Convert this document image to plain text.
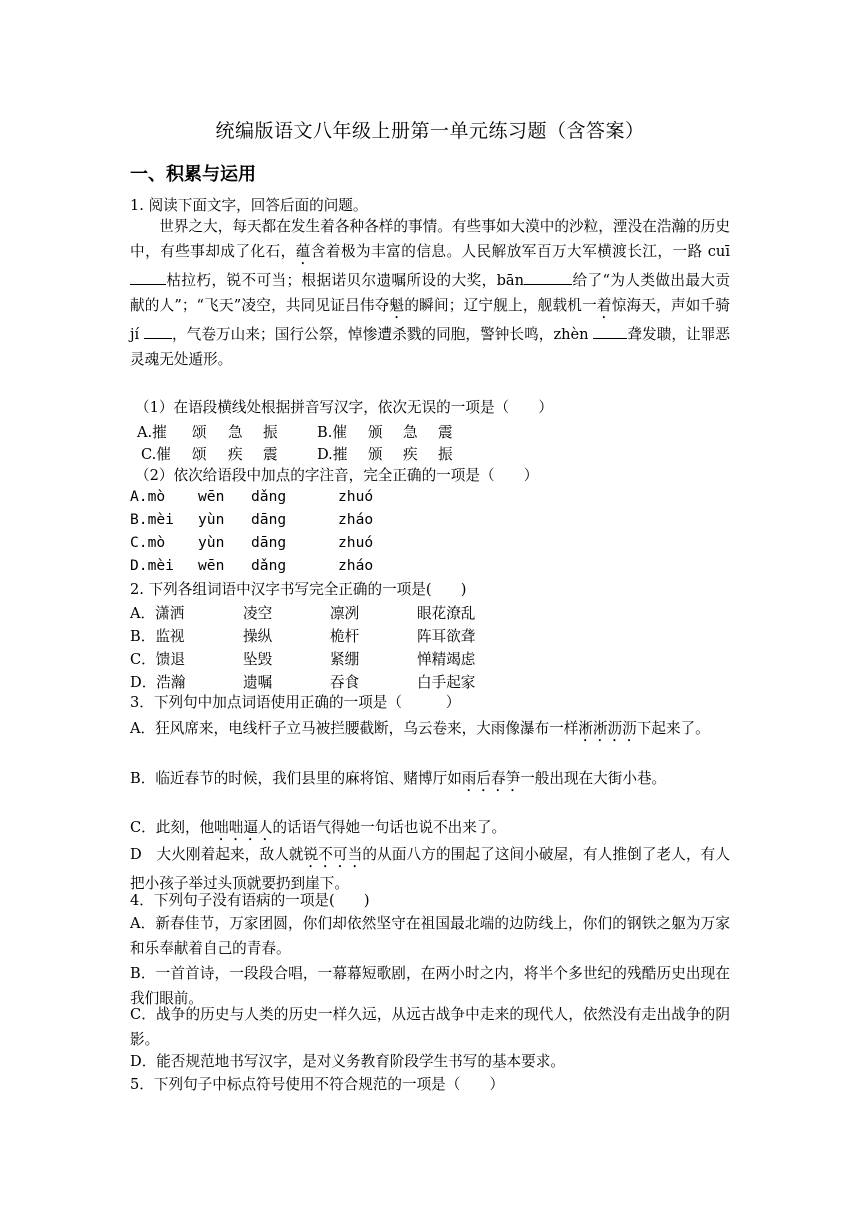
统编版语文八年级上册第一单元练习题（含答案）
一、积累与运用
1. 阅读下面文字，回答后面的问题。
世界之大，每天都在发生着各种各样的事情。有些事如大漠中的沙粒，湮没在浩瀚的历史中，有些事却成了化石，蕴含着极为丰富的信息。人民解放军百万大军横渡长江，一路 cuī枯拉朽，锐不可当；根据诺贝尔遗嘱所设的大奖，bān	给了“为人类做出最大贡献的人”；“飞天”凌空，共同见证吕伟夺魁的瞬间；辽宁舰上，舰载机一着惊海天，声如千骑 jí ，气卷万山来；国行公祭，悼惨遭杀戮的同胞，警钟长鸣，zhèn 聋发聩，让罪恶灵魂无处遁形。
（1）在语段横线处根据拼音写汉字，依次无误的一项是（　　）
A.摧 颂 急 振	B.催 颁 急 震
C.催 颂 疾 震	D.摧 颁 疾 振
（2）依次给语段中加点的字注音，完全正确的一项是（　　）
A.mò wēn dǎng	zhuó
B.mèi yùn dāng	zháo
C.mò yùn dāng	zhuó
D.mèi wēn dǎng	zháo
2. 下列各组词语中汉字书写完全正确的一项是(　　)
A．潇洒	凌空	凛冽	眼花潦乱
B．监视	操纵	桅杆	阵耳欲聋
C．馈退	坠毁	紧绷	惮精竭虑
D．浩瀚	遗嘱	吞食	白手起家
3．下列句中加点词语使用正确的一项是（　　　）
A．狂风席来，电线杆子立马被拦腰截断，乌云卷来，大雨像瀑布一样淅淅沥沥下起来了。
B．临近春节的时候，我们县里的麻将馆、赌博厅如雨后春笋一般出现在大街小巷。
C．此刻，他咄咄逼人的话语气得她一句话也说不出来了。
D　大火刚着起来，敌人就锐不可当的从面八方的围起了这间小破屋，有人推倒了老人，有人把小孩子举过头顶就要扔到崖下。
4．下列句子没有语病的一项是(　　)
A．新春佳节，万家团圆，你们却依然坚守在祖国最北端的边防线上，你们的钢铁之躯为万家和乐奉献着自己的青春。
B．一首首诗，一段段合唱，一幕幕短歌剧，在两小时之内，将半个多世纪的残酷历史出现在我们眼前。
C．战争的历史与人类的历史一样久远，从远古战争中走来的现代人，依然没有走出战争的阴影。
D．能否规范地书写汉字，是对义务教育阶段学生书写的基本要求。
5．下列句子中标点符号使用不符合规范的一项是（　　）
